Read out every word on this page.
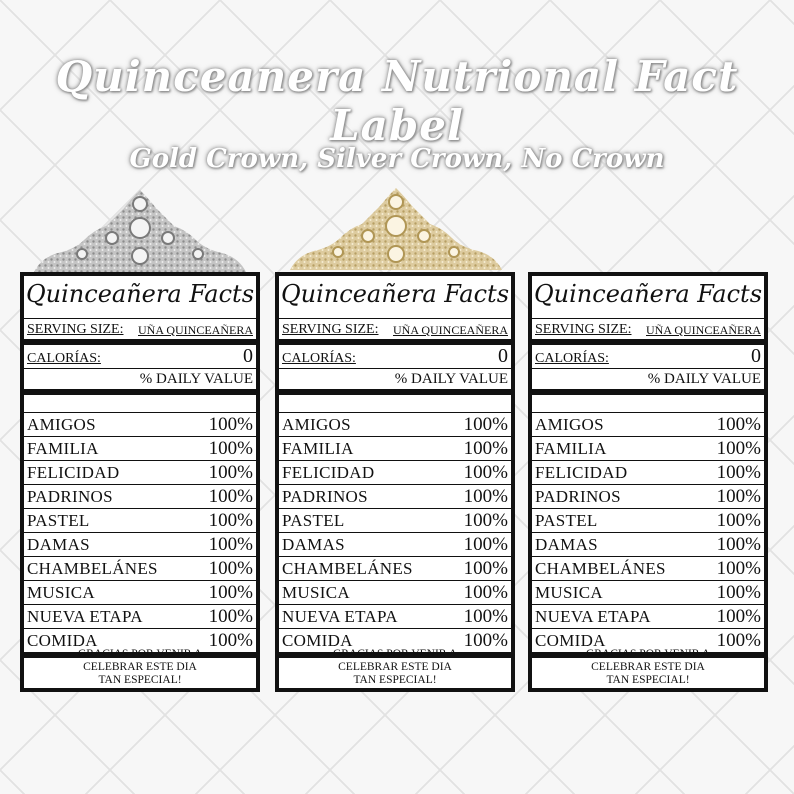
Quinceanera Nutrional Fact Label
Gold Crown, Silver Crown, No Crown
Quinceañera Facts
SERVING SIZE: UÑA QUINCEAÑERA
CALORÍAS:	0
% DAILY VALUE
AMIGOS	100%
FAMILIA	100%
FELICIDAD	100%
PADRINOS	100%
PASTEL	100%
DAMAS	100%
CHAMBELÁNES	100%
MUSICA	100%
NUEVA ETAPA	100%
COMIDA	100%
GRACIAS POR VENIR A
CELEBRAR ESTE DIA
TAN ESPECIAL!
Quinceañera Facts
SERVING SIZE: UÑA QUINCEAÑERA
CALORÍAS:	0
% DAILY VALUE
AMIGOS	100%
FAMILIA	100%
FELICIDAD	100%
PADRINOS	100%
PASTEL	100%
DAMAS	100%
CHAMBELÁNES	100%
MUSICA	100%
NUEVA ETAPA	100%
COMIDA	100%
GRACIAS POR VENIR A
CELEBRAR ESTE DIA
TAN ESPECIAL!
Quinceañera Facts
SERVING SIZE: UÑA QUINCEAÑERA
CALORÍAS:	0
% DAILY VALUE
AMIGOS	100%
FAMILIA	100%
FELICIDAD	100%
PADRINOS	100%
PASTEL	100%
DAMAS	100%
CHAMBELÁNES	100%
MUSICA	100%
NUEVA ETAPA	100%
COMIDA	100%
GRACIAS POR VENIR A
CELEBRAR ESTE DIA
TAN ESPECIAL!
